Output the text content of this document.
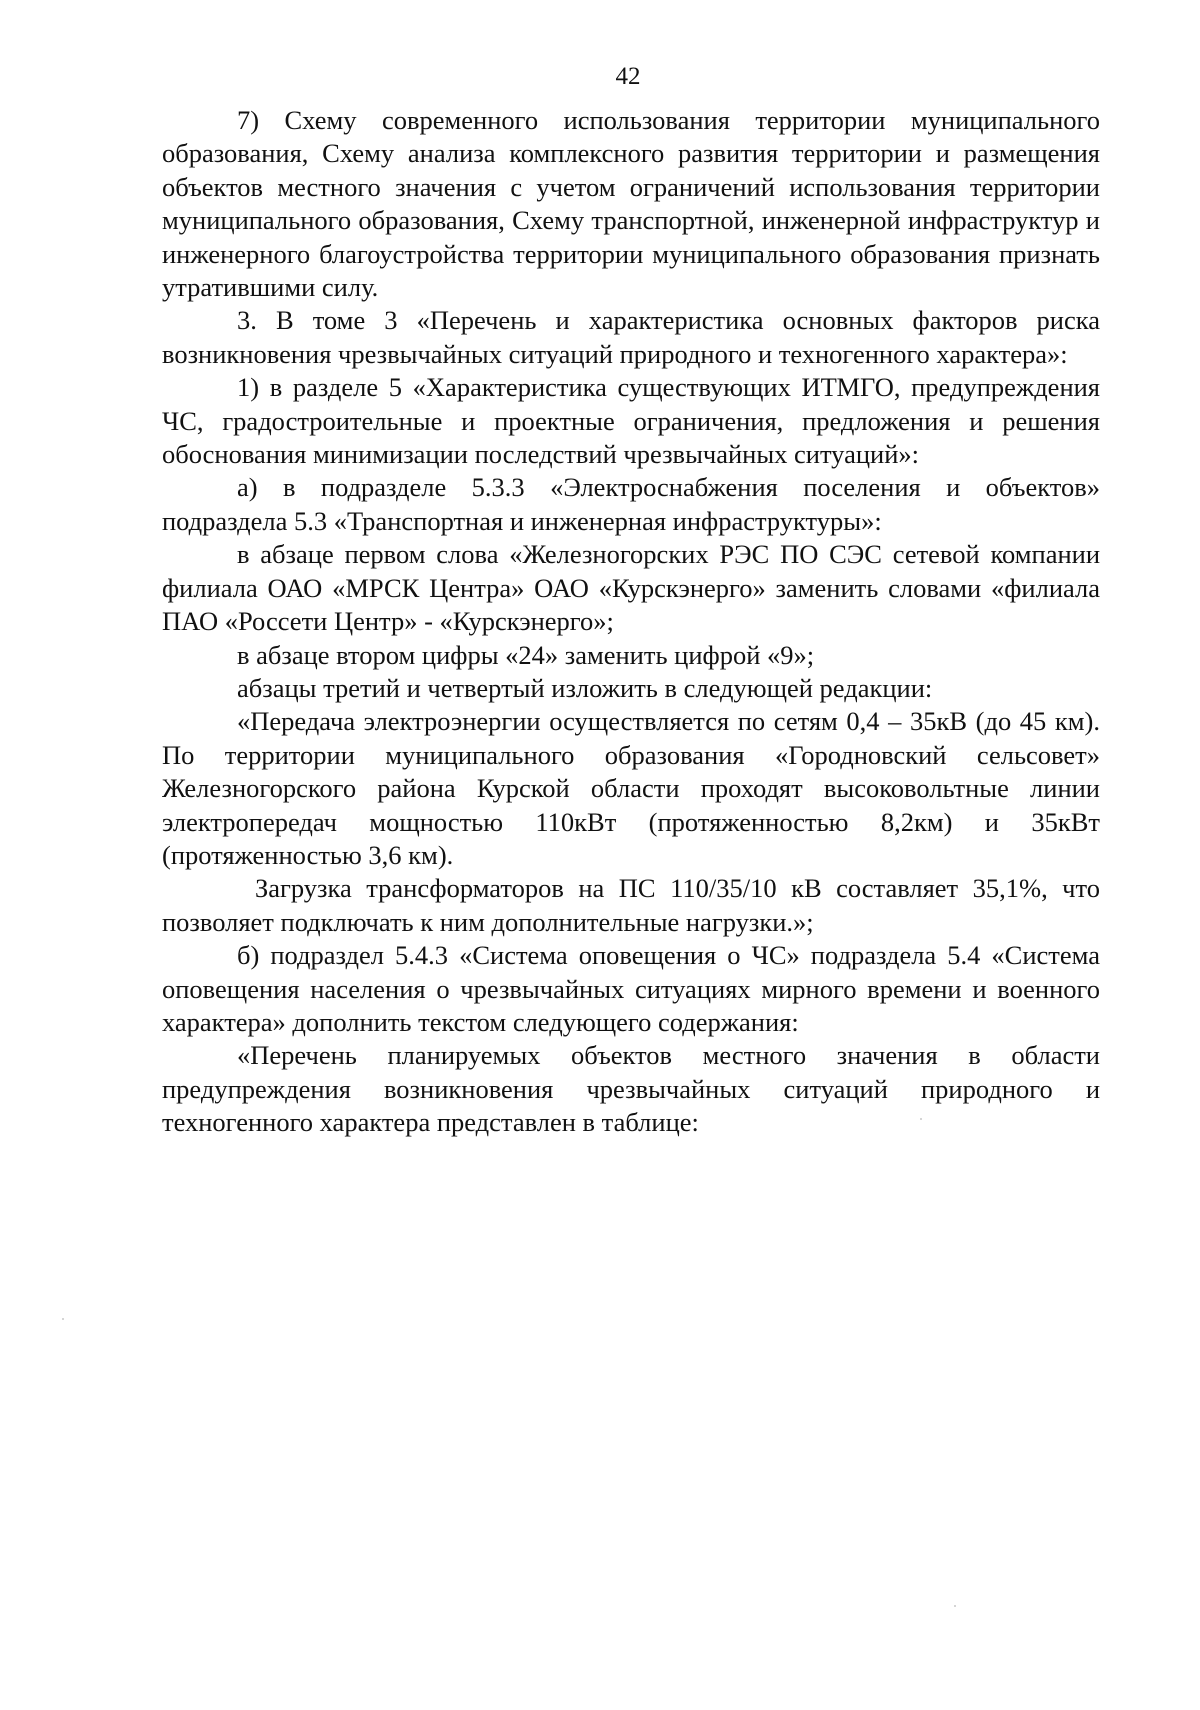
42

7) Схему современного использования территории муниципального образования, Схему анализа комплексного развития территории и размещения объектов местного значения с учетом ограничений использования территории муниципального образования, Схему транспортной, инженерной инфраструктур и инженерного благоустройства территории муниципального образования признать утратившими силу.

3. В томе 3 «Перечень и характеристика основных факторов риска возникновения чрезвычайных ситуаций природного и техногенного характера»:

1) в разделе 5 «Характеристика существующих ИТМГО, предупреждения ЧС, градостроительные и проектные ограничения, предложения и решения обоснования минимизации последствий чрезвычайных ситуаций»:

а) в подразделе 5.3.3 «Электроснабжения поселения и объектов» подраздела 5.3 «Транспортная и инженерная инфраструктуры»:

в абзаце первом слова «Железногорских РЭС ПО СЭС сетевой компании филиала ОАО «МРСК Центра» ОАО «Курскэнерго» заменить словами «филиала ПАО «Россети Центр» - «Курскэнерго»;

в абзаце втором цифры «24» заменить цифрой «9»;

абзацы третий и четвертый изложить в следующей редакции:

«Передача электроэнергии осуществляется по сетям 0,4 – 35кВ (до 45 км). По территории муниципального образования «Городновский сельсовет» Железногорского района Курской области проходят высоковольтные линии электропередач мощностью 110кВт (протяженностью 8,2км) и 35кВт (протяженностью 3,6 км).

Загрузка трансформаторов на ПС 110/35/10 кВ составляет 35,1%, что позволяет подключать к ним дополнительные нагрузки.»;

б) подраздел 5.4.3 «Система оповещения о ЧС» подраздела 5.4 «Система оповещения населения о чрезвычайных ситуациях мирного времени и военного характера» дополнить текстом следующего содержания:

«Перечень планируемых объектов местного значения в области предупреждения возникновения чрезвычайных ситуаций природного и техногенного характера представлен в таблице:
